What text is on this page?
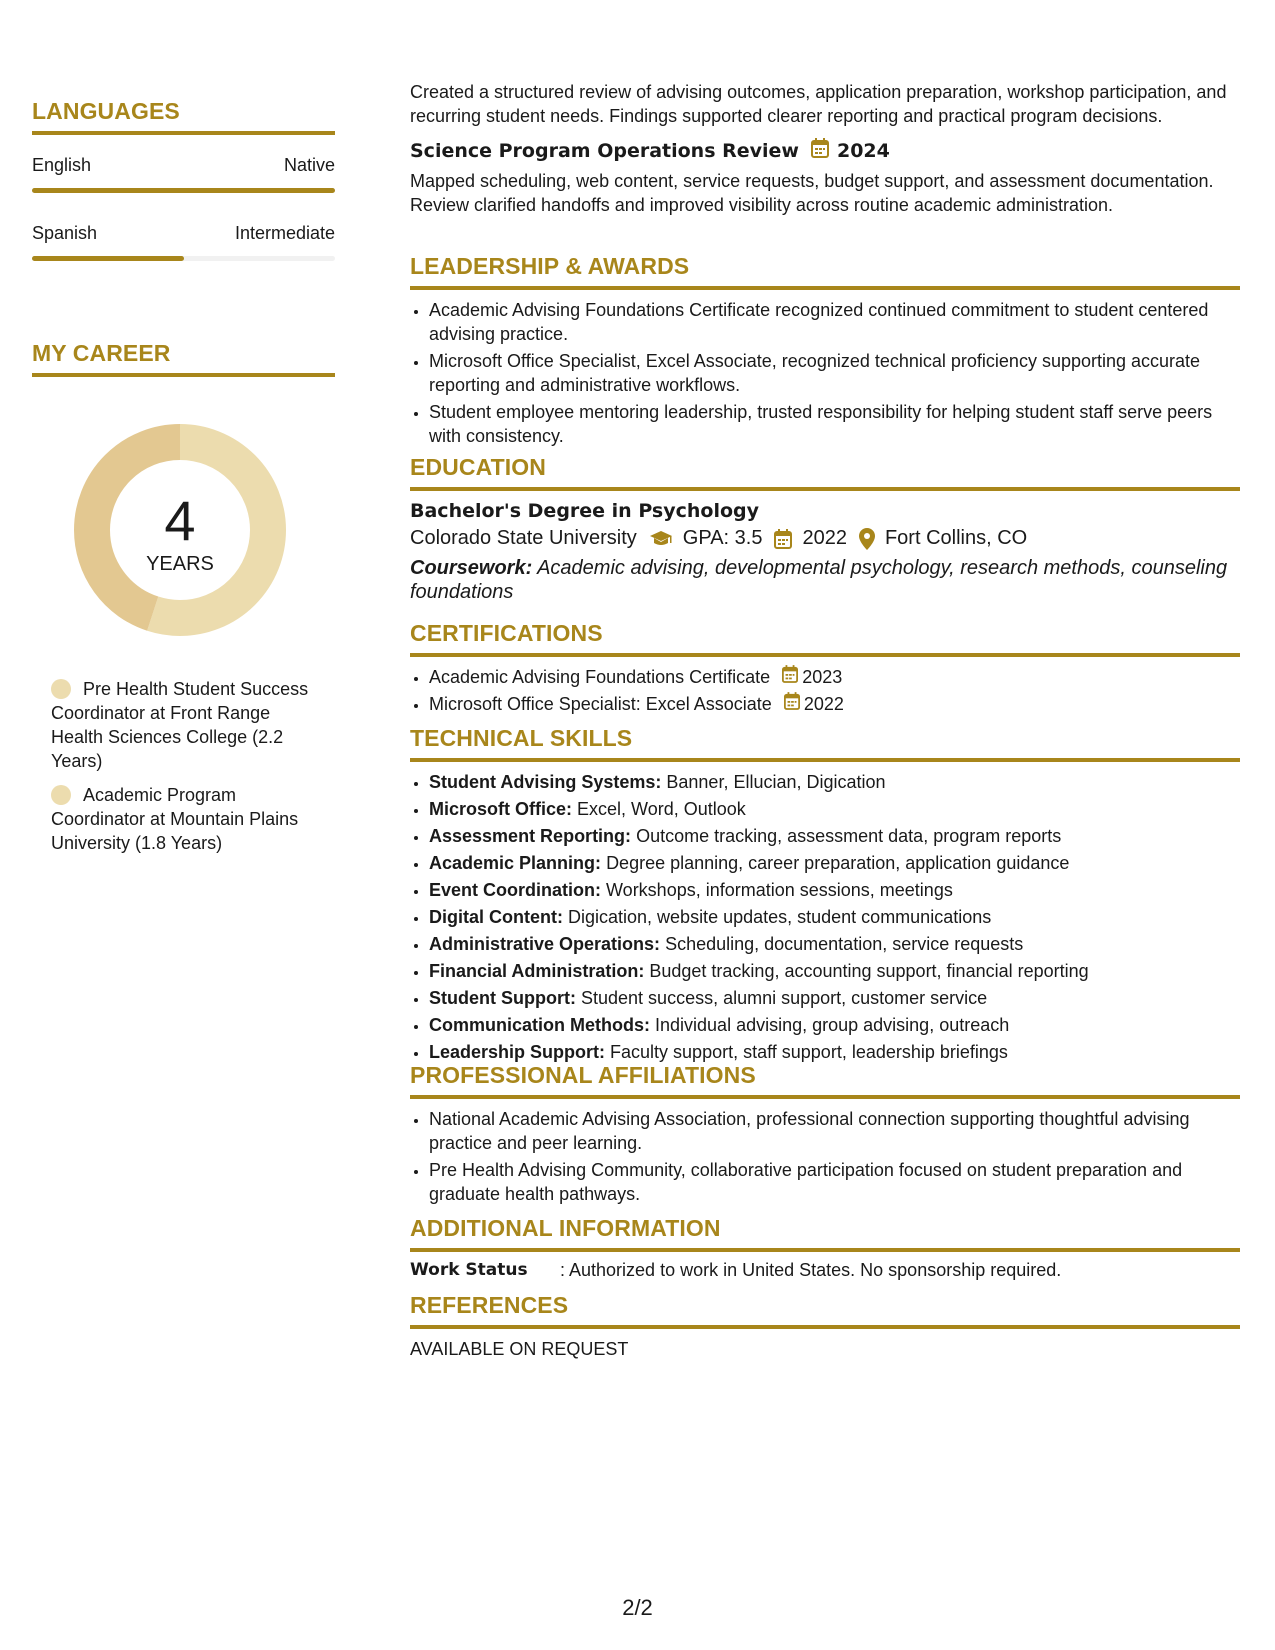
LANGUAGES
English	Native
Spanish	Intermediate
MY CAREER
4
YEARS
Pre Health Student Success Coordinator at Front Range Health Sciences College (2.2 Years)
Academic Program Coordinator at Mountain Plains University (1.8 Years)

Created a structured review of advising outcomes, application preparation, workshop participation, and recurring student needs. Findings supported clearer reporting and practical program decisions.

Science Program Operations Review 2024

Mapped scheduling, web content, service requests, budget support, and assessment documentation. Review clarified handoffs and improved visibility across routine academic administration.

LEADERSHIP & AWARDS
• Academic Advising Foundations Certificate recognized continued commitment to student centered advising practice.
• Microsoft Office Specialist, Excel Associate, recognized technical proficiency supporting accurate reporting and administrative workflows.
• Student employee mentoring leadership, trusted responsibility for helping student staff serve peers with consistency.
EDUCATION
Bachelor's Degree in Psychology
Colorado State University GPA: 3.5 2022 Fort Collins, CO
Coursework: Academic advising, developmental psychology, research methods, counseling foundations
CERTIFICATIONS
• Academic Advising Foundations Certificate 2023
• Microsoft Office Specialist: Excel Associate 2022
TECHNICAL SKILLS
• Student Advising Systems: Banner, Ellucian, Digication
• Microsoft Office: Excel, Word, Outlook
• Assessment Reporting: Outcome tracking, assessment data, program reports
• Academic Planning: Degree planning, career preparation, application guidance
• Event Coordination: Workshops, information sessions, meetings
• Digital Content: Digication, website updates, student communications
• Administrative Operations: Scheduling, documentation, service requests
• Financial Administration: Budget tracking, accounting support, financial reporting
• Student Support: Student success, alumni support, customer service
• Communication Methods: Individual advising, group advising, outreach
• Leadership Support: Faculty support, staff support, leadership briefings
PROFESSIONAL AFFILIATIONS
• National Academic Advising Association, professional connection supporting thoughtful advising practice and peer learning.
• Pre Health Advising Community, collaborative participation focused on student preparation and graduate health pathways.
ADDITIONAL INFORMATION
Work Status	: Authorized to work in United States. No sponsorship required.
REFERENCES
AVAILABLE ON REQUEST
2/2
